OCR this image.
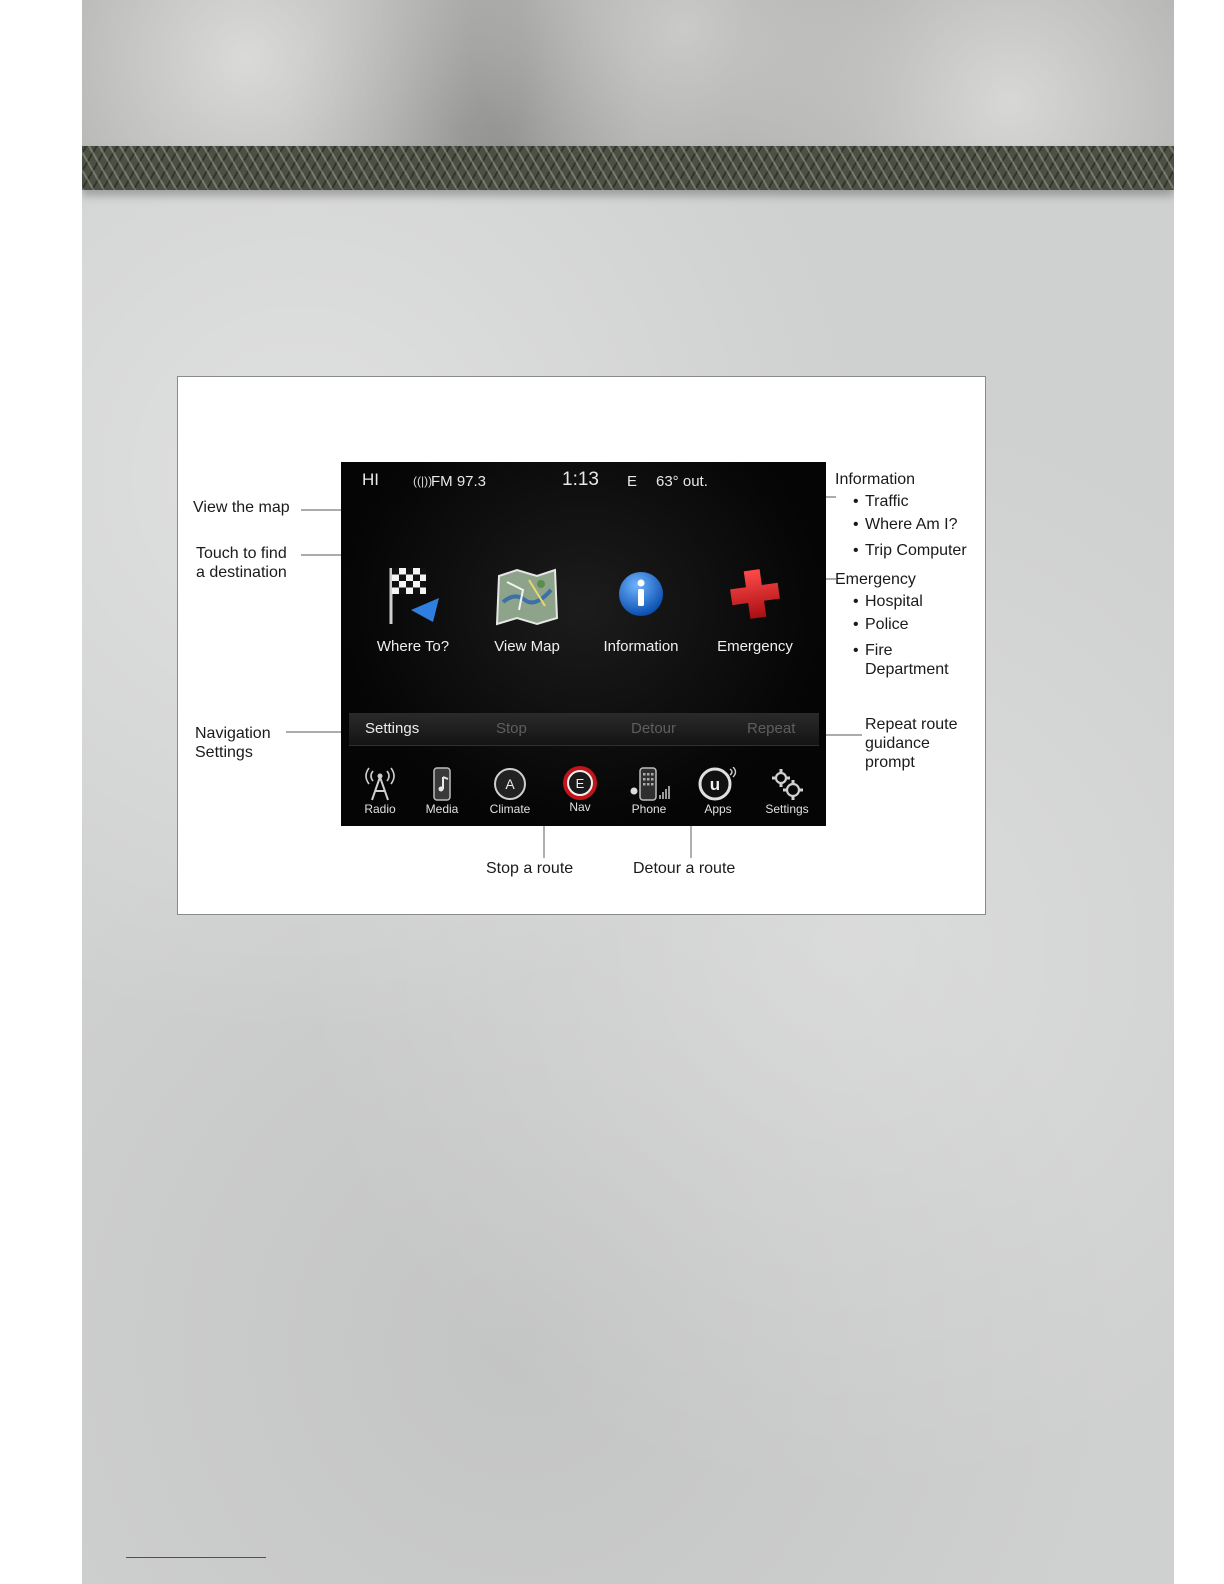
HI	((|))
FM 97.3	1:13 E 63° out.
Where To?	View Map	Information	Emergency
Settings	Stop	Detour	Repeat
Radio	Media
A
Climate
E
Nav	Phone
u
Apps	Settings
View the map
Touch to find
a destination
Navigation
Settings
Information
• Traffic
• Where Am I?
• Trip Computer
Emergency
• Hospital
• Police
• Fire
Department
Repeat route
guidance
prompt
Stop a route	Detour a route
